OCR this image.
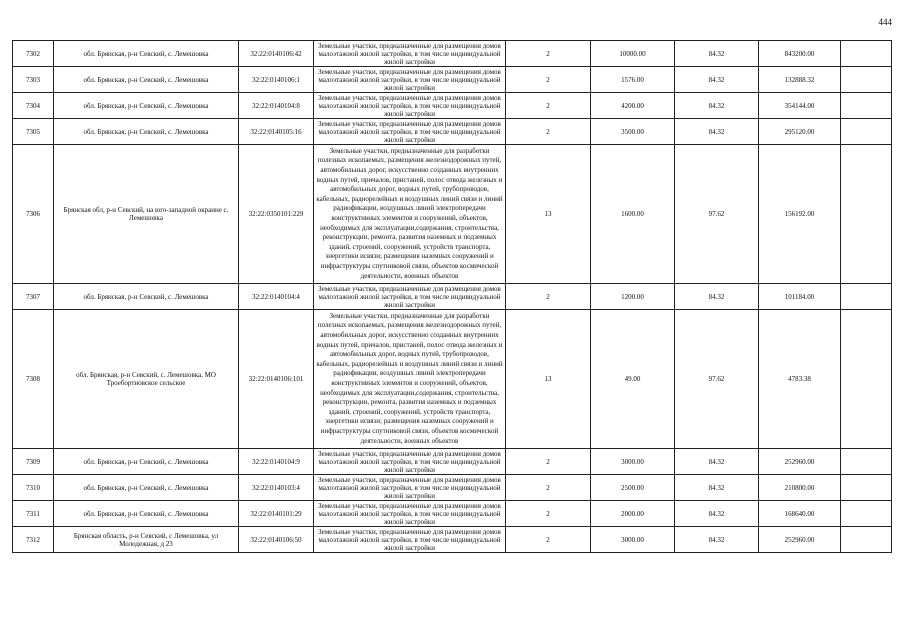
444
7302	обл. Брянская, р-н Севский, с. Лемешовка	32:22:0140106:42	Земельные участки, предназначенные для размещения домов малоэтажной жилой застройки, в том числе индивидуальной жилой застройки	2	10000.00	84.32	843200.00	
7303	обл. Брянская, р-н Севский, с. Лемешовка	32:22:0140106:1	Земельные участки, предназначенные для размещения домов малоэтажной жилой застройки, в том числе индивидуальной жилой застройки	2	1576.00	84.32	132888.32	
7304	обл. Брянская, р-н Севский, с. Лемешовка	32:22:0140104:8	Земельные участки, предназначенные для размещения домов малоэтажной жилой застройки, в том числе индивидуальной жилой застройки	2	4200.00	84.32	354144.00	
7305	обл. Брянская, р-н Севский, с. Лемешовка	32:22:0140105:16	Земельные участки, предназначенные для размещения домов малоэтажной жилой застройки, в том числе индивидуальной жилой застройки	2	3500.00	84.32	295120.00	
7306	Брянская обл, р-н Севский, на юго-западной окраине с. Лемешовка	32:22:0350101:229	Земельные участки, предназначенные для разработки полезных ископаемых, размещения железнодорожных путей, автомобильных дорог, искусственно созданных внутренних водных путей, причалов, пристаней, полос отвода железных и автомобильных дорог, водных путей, трубопроводов, кабельных, радиорелейных и воздушных линий связи и линий радиофикации, воздушных линий электропередачи конструктивных элементов и сооружений, объектов, необходимых для эксплуатации,содержания, строительства, реконструкции, ремонта, развития наземных и подземных зданий, строений, сооружений, устройств транспорта, энергетики исвязи; размещения наземных сооружений и инфраструктуры спутниковой связи, объектов космической деятельности, военных объектов	13	1600.00	97.62	156192.00	
7307	обл. Брянская, р-н Севский, с. Лемешовка	32:22:0140104:4	Земельные участки, предназначенные для размещения домов малоэтажной жилой застройки, в том числе индивидуальной жилой застройки	2	1200.00	84.32	101184.00	
7308	обл. Брянская, р-н Севский, с. Лемешовка, МО Троебортновское сельское	32:22:0140106:101	Земельные участки, предназначенные для разработки полезных ископаемых, размещения железнодорожных путей, автомобильных дорог, искусственно созданных внутренних водных путей, причалов, пристаней, полос отвода железных и автомобильных дорог, водных путей, трубопроводов, кабельных, радиорелейных и воздушных линий связи и линий радиофикации, воздушных линий электропередачи конструктивных элементов и сооружений, объектов, необходимых для эксплуатации,содержания, строительства, реконструкции, ремонта, развития наземных и подземных зданий, строений, сооружений, устройств транспорта, энергетики исвязи; размещения наземных сооружений и инфраструктуры спутниковой связи, объектов космической деятельности, военных объектов	13	49.00	97.62	4783.38	
7309	обл. Брянская, р-н Севский, с. Лемешовка	32:22:0140104:9	Земельные участки, предназначенные для размещения домов малоэтажной жилой застройки, в том числе индивидуальной жилой застройки	2	3000.00	84.32	252960.00	
7310	обл. Брянская, р-н Севский, с. Лемешовка	32:22:0140103:4	Земельные участки, предназначенные для размещения домов малоэтажной жилой застройки, в том числе индивидуальной жилой застройки	2	2500.00	84.32	210800.00	
7311	обл. Брянская, р-н Севский, с. Лемешовка	32:22:0140101:29	Земельные участки, предназначенные для размещения домов малоэтажной жилой застройки, в том числе индивидуальной жилой застройки	2	2000.00	84.32	168640.00	
7312	Брянская область, р-н Севский, с Лемешовка, ул Молодежная, д 23	32:22:0140106:50	Земельные участки, предназначенные для размещения домов малоэтажной жилой застройки, в том числе индивидуальной жилой застройки	2	3000.00	84.32	252960.00	
